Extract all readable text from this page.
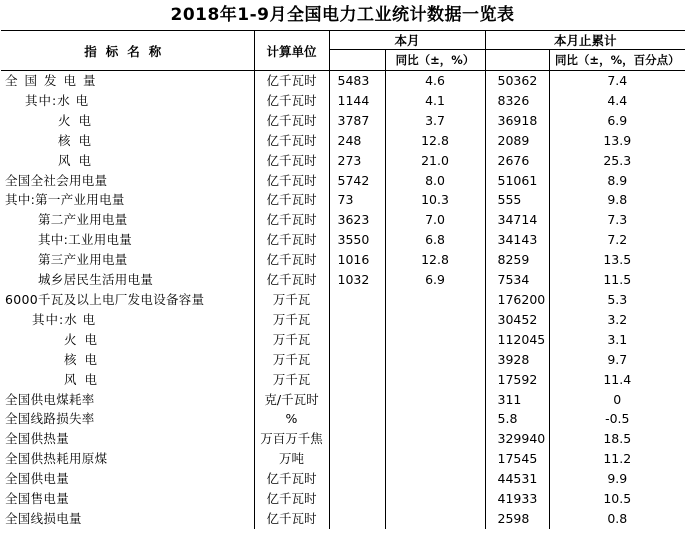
2018年1-9月全国电力工业统计数据一览表
指标名称	计算单位	本月		本月止累计	
			同比（±，%）		同比（±，%，百分点）
全国发电量	亿千瓦时	5483	4.6	50362	7.4
其中:水 电	亿千瓦时	1144	4.1	8326	4.4
火 电	亿千瓦时	3787	3.7	36918	6.9
核 电	亿千瓦时	248	12.8	2089	13.9
风 电	亿千瓦时	273	21.0	2676	25.3
全国全社会用电量	亿千瓦时	5742	8.0	51061	8.9
其中:第一产业用电量	亿千瓦时	73	10.3	555	9.8
第二产业用电量	亿千瓦时	3623	7.0	34714	7.3
其中:工业用电量	亿千瓦时	3550	6.8	34143	7.2
第三产业用电量	亿千瓦时	1016	12.8	8259	13.5
城乡居民生活用电量	亿千瓦时	1032	6.9	7534	11.5
6000千瓦及以上电厂发电设备容量	万千瓦			176200	5.3
其中:水 电	万千瓦			30452	3.2
火 电	万千瓦			112045	3.1
核 电	万千瓦			3928	9.7
风 电	万千瓦			17592	11.4
全国供电煤耗率	克/千瓦时			311	0
全国线路损失率	%			5.8	-0.5
全国供热量	万百万千焦			329940	18.5
全国供热耗用原煤	万吨			17545	11.2
全国供电量	亿千瓦时			44531	9.9
全国售电量	亿千瓦时			41933	10.5
全国线损电量	亿千瓦时			2598	0.8
